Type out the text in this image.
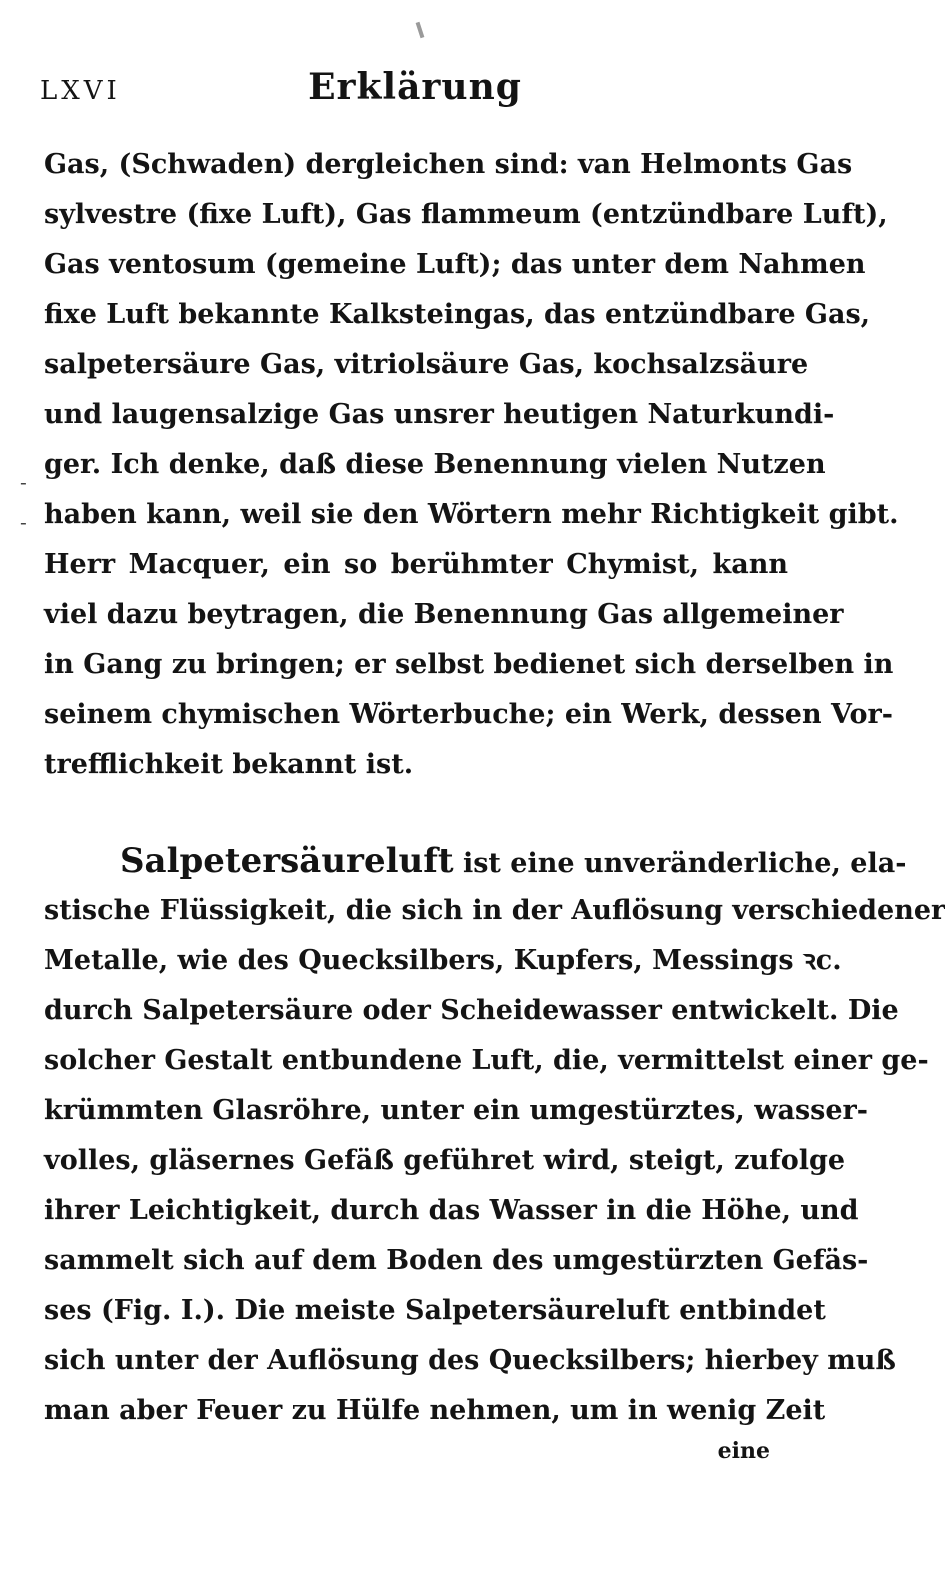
LXVI	Erklärung
-
-
Gas, (Schwaden) dergleichen sind: van Helmonts Gas
sylvestre (fixe Luft), Gas flammeum (entzündbare Luft),
Gas ventosum (gemeine Luft); das unter dem Nahmen
fixe Luft bekannte Kalksteingas, das entzündbare Gas,
salpetersäure Gas, vitriolsäure Gas, kochsalzsäure
und laugensalzige Gas unsrer heutigen Naturkundi-
ger. Ich denke, daß diese Benennung vielen Nutzen
haben kann, weil sie den Wörtern mehr Richtigkeit gibt.
Herr Macquer, ein so berühmter Chymist, kann
viel dazu beytragen, die Benennung Gas allgemeiner
in Gang zu bringen; er selbst bedienet sich derselben in
seinem chymischen Wörterbuche; ein Werk, dessen Vor-
trefflichkeit bekannt ist.
Salpetersäureluft ist eine unveränderliche, ela-
stische Flüssigkeit, die sich in der Auflösung verschiedener
Metalle, wie des Quecksilbers, Kupfers, Messings ꝛc.
durch Salpetersäure oder Scheidewasser entwickelt. Die
solcher Gestalt entbundene Luft, die, vermittelst einer ge-
krümmten Glasröhre, unter ein umgestürztes, wasser-
volles, gläsernes Gefäß geführet wird, steigt, zufolge
ihrer Leichtigkeit, durch das Wasser in die Höhe, und
sammelt sich auf dem Boden des umgestürzten Gefäs-
ses (Fig. I.). Die meiste Salpetersäureluft entbindet
sich unter der Auflösung des Quecksilbers; hierbey muß
man aber Feuer zu Hülfe nehmen, um in wenig Zeit
eine
